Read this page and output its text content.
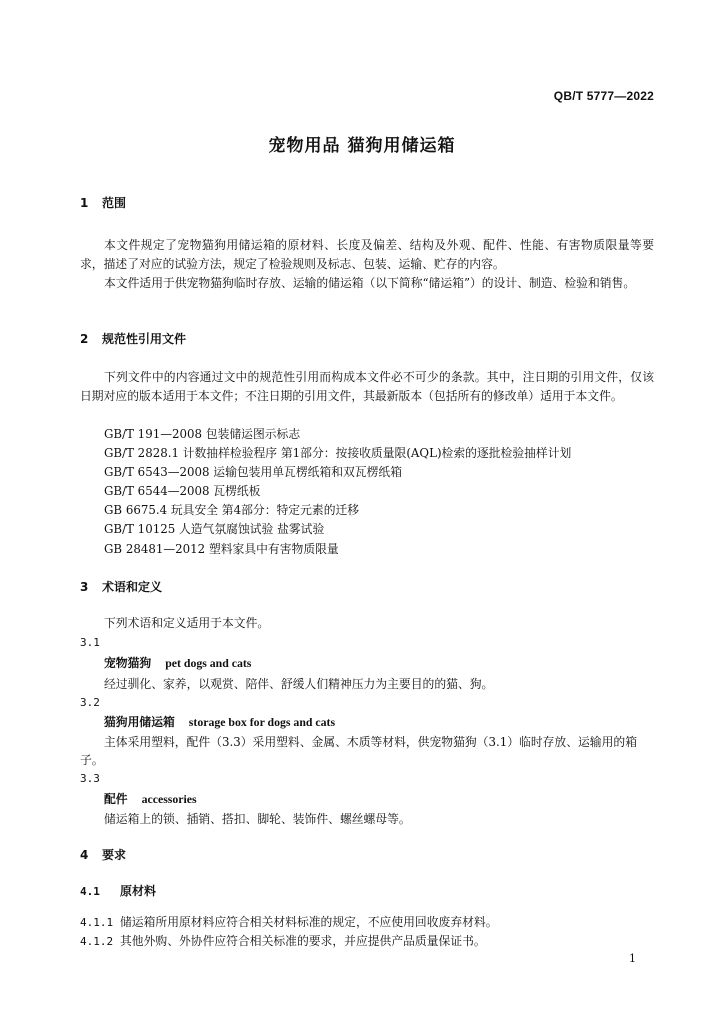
QB/T 5777—2022
宠物用品 猫狗用储运箱
1 范围
本文件规定了宠物猫狗用储运箱的原材料、长度及偏差、结构及外观、配件、性能、有害物质限量等要求，描述了对应的试验方法，规定了检验规则及标志、包装、运输、贮存的内容。
本文件适用于供宠物猫狗临时存放、运输的储运箱（以下简称“储运箱”）的设计、制造、检验和销售。
2 规范性引用文件
下列文件中的内容通过文中的规范性引用而构成本文件必不可少的条款。其中，注日期的引用文件，仅该日期对应的版本适用于本文件；不注日期的引用文件，其最新版本（包括所有的修改单）适用于本文件。
GB/T 191—2008 包装储运图示标志
GB/T 2828.1 计数抽样检验程序 第1部分：按接收质量限(AQL)检索的逐批检验抽样计划
GB/T 6543—2008 运输包装用单瓦楞纸箱和双瓦楞纸箱
GB/T 6544—2008 瓦楞纸板
GB 6675.4 玩具安全 第4部分：特定元素的迁移
GB/T 10125 人造气氛腐蚀试验 盐雾试验
GB 28481—2012 塑料家具中有害物质限量
3 术语和定义
下列术语和定义适用于本文件。
3.1
宠物猫狗 pet dogs and cats
经过驯化、家养，以观赏、陪伴、舒缓人们精神压力为主要目的的猫、狗。
3.2
猫狗用储运箱 storage box for dogs and cats
主体采用塑料，配件（3.3）采用塑料、金属、木质等材料，供宠物猫狗（3.1）临时存放、运输用的箱子。
3.3
配件 accessories
储运箱上的锁、插销、搭扣、脚轮、装饰件、螺丝螺母等。
4 要求
4.1 原材料
4.1.1 储运箱所用原材料应符合相关材料标准的规定，不应使用回收废弃材料。
4.1.2 其他外购、外协件应符合相关标准的要求，并应提供产品质量保证书。
1
